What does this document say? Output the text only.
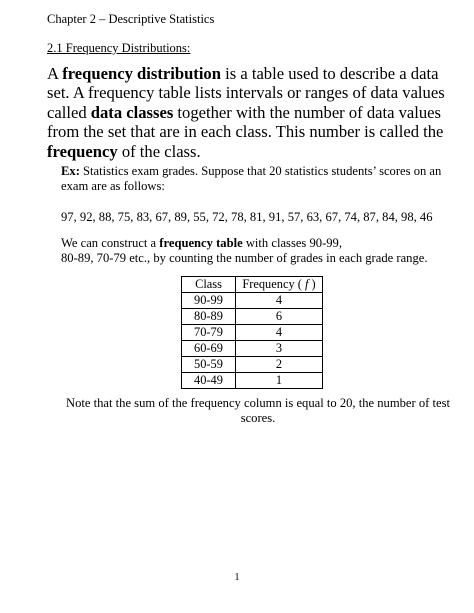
Chapter 2 – Descriptive Statistics
2.1 Frequency Distributions:
A frequency distribution is a table used to describe a data set. A frequency table lists intervals or ranges of data values called data classes together with the number of data values from the set that are in each class. This number is called the frequency of the class.
Ex: Statistics exam grades. Suppose that 20 statistics students’ scores on an exam are as follows:
97, 92, 88, 75, 83, 67, 89, 55, 72, 78, 81, 91, 57, 63, 67, 74, 87, 84, 98, 46
We can construct a frequency table with classes 90-99,
80-89, 70-79 etc., by counting the number of grades in each grade range.
Class	Frequency ( f )
90-99	4
80-89	6
70-79	4
60-69	3
50-59	2
40-49	1
Note that the sum of the frequency column is equal to 20, the number of test scores.
1
